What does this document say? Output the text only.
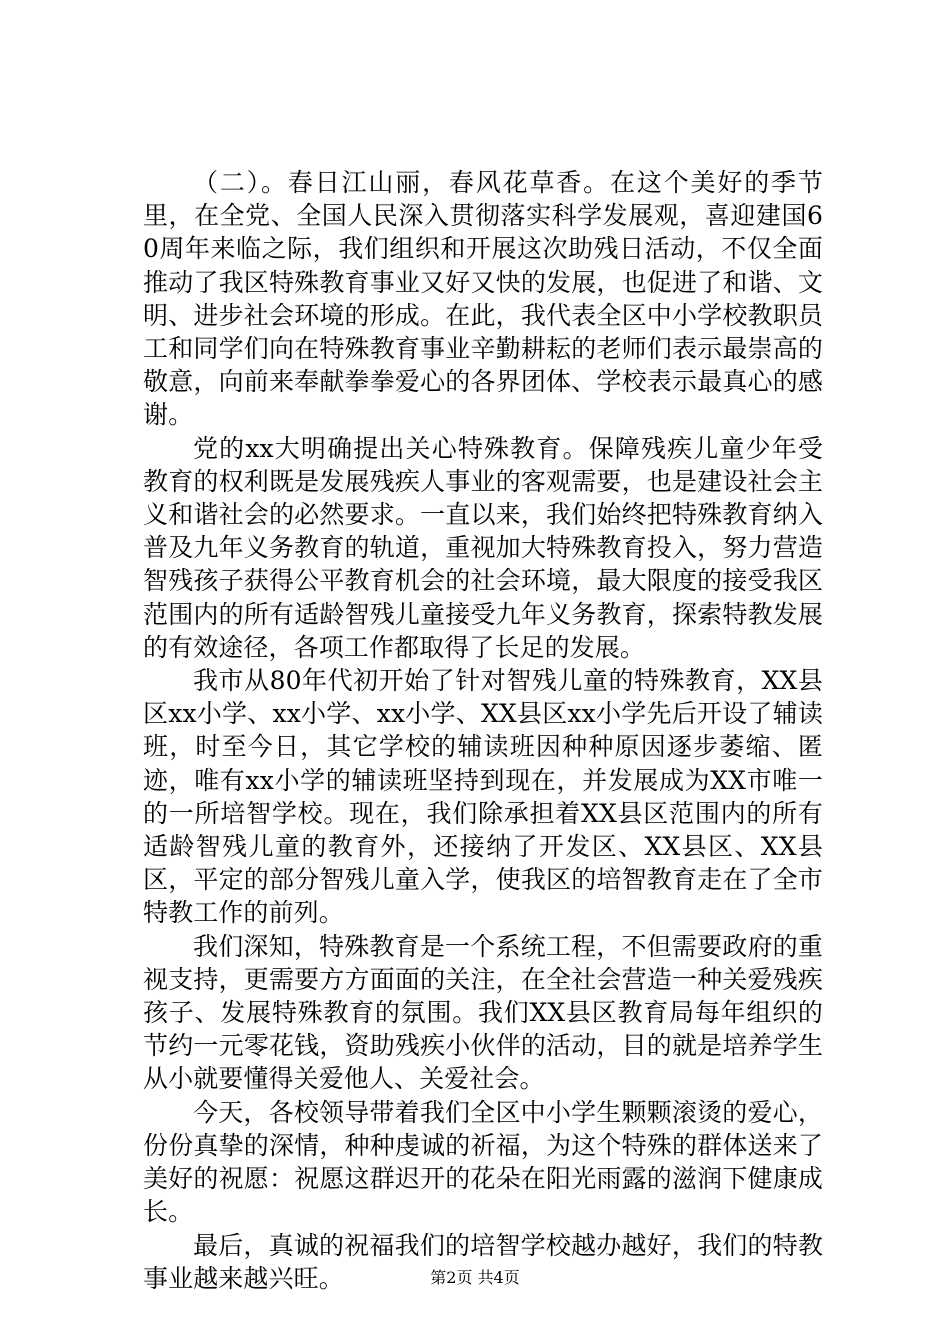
（二）。春日江山丽，春风花草香。在这个美好的季节里，在全党、全国人民深入贯彻落实科学发展观，喜迎建国60周年来临之际，我们组织和开展这次助残日活动，不仅全面推动了我区特殊教育事业又好又快的发展，也促进了和谐、文明、进步社会环境的形成。在此，我代表全区中小学校教职员工和同学们向在特殊教育事业辛勤耕耘的老师们表示最崇高的敬意，向前来奉献拳拳爱心的各界团体、学校表示最真心的感谢。

党的xx大明确提出关心特殊教育。保障残疾儿童少年受教育的权利既是发展残疾人事业的客观需要，也是建设社会主义和谐社会的必然要求。一直以来，我们始终把特殊教育纳入普及九年义务教育的轨道，重视加大特殊教育投入，努力营造智残孩子获得公平教育机会的社会环境，最大限度的接受我区范围内的所有适龄智残儿童接受九年义务教育，探索特教发展的有效途径，各项工作都取得了长足的发展。

我市从80年代初开始了针对智残儿童的特殊教育，XX县区xx小学、xx小学、xx小学、XX县区xx小学先后开设了辅读班，时至今日，其它学校的辅读班因种种原因逐步萎缩、匿迹，唯有xx小学的辅读班坚持到现在，并发展成为XX市唯一的一所培智学校。现在，我们除承担着XX县区范围内的所有适龄智残儿童的教育外，还接纳了开发区、XX县区、XX县区，平定的部分智残儿童入学，使我区的培智教育走在了全市特教工作的前列。

我们深知，特殊教育是一个系统工程，不但需要政府的重视支持，更需要方方面面的关注，在全社会营造一种关爱残疾孩子、发展特殊教育的氛围。我们XX县区教育局每年组织的节约一元零花钱，资助残疾小伙伴的活动，目的就是培养学生从小就要懂得关爱他人、关爱社会。

今天，各校领导带着我们全区中小学生颗颗滚烫的爱心，份份真挚的深情，种种虔诚的祈福，为这个特殊的群体送来了美好的祝愿：祝愿这群迟开的花朵在阳光雨露的滋润下健康成长。

最后，真诚的祝福我们的培智学校越办越好，我们的特教事业越来越兴旺。	第2页 共4页
